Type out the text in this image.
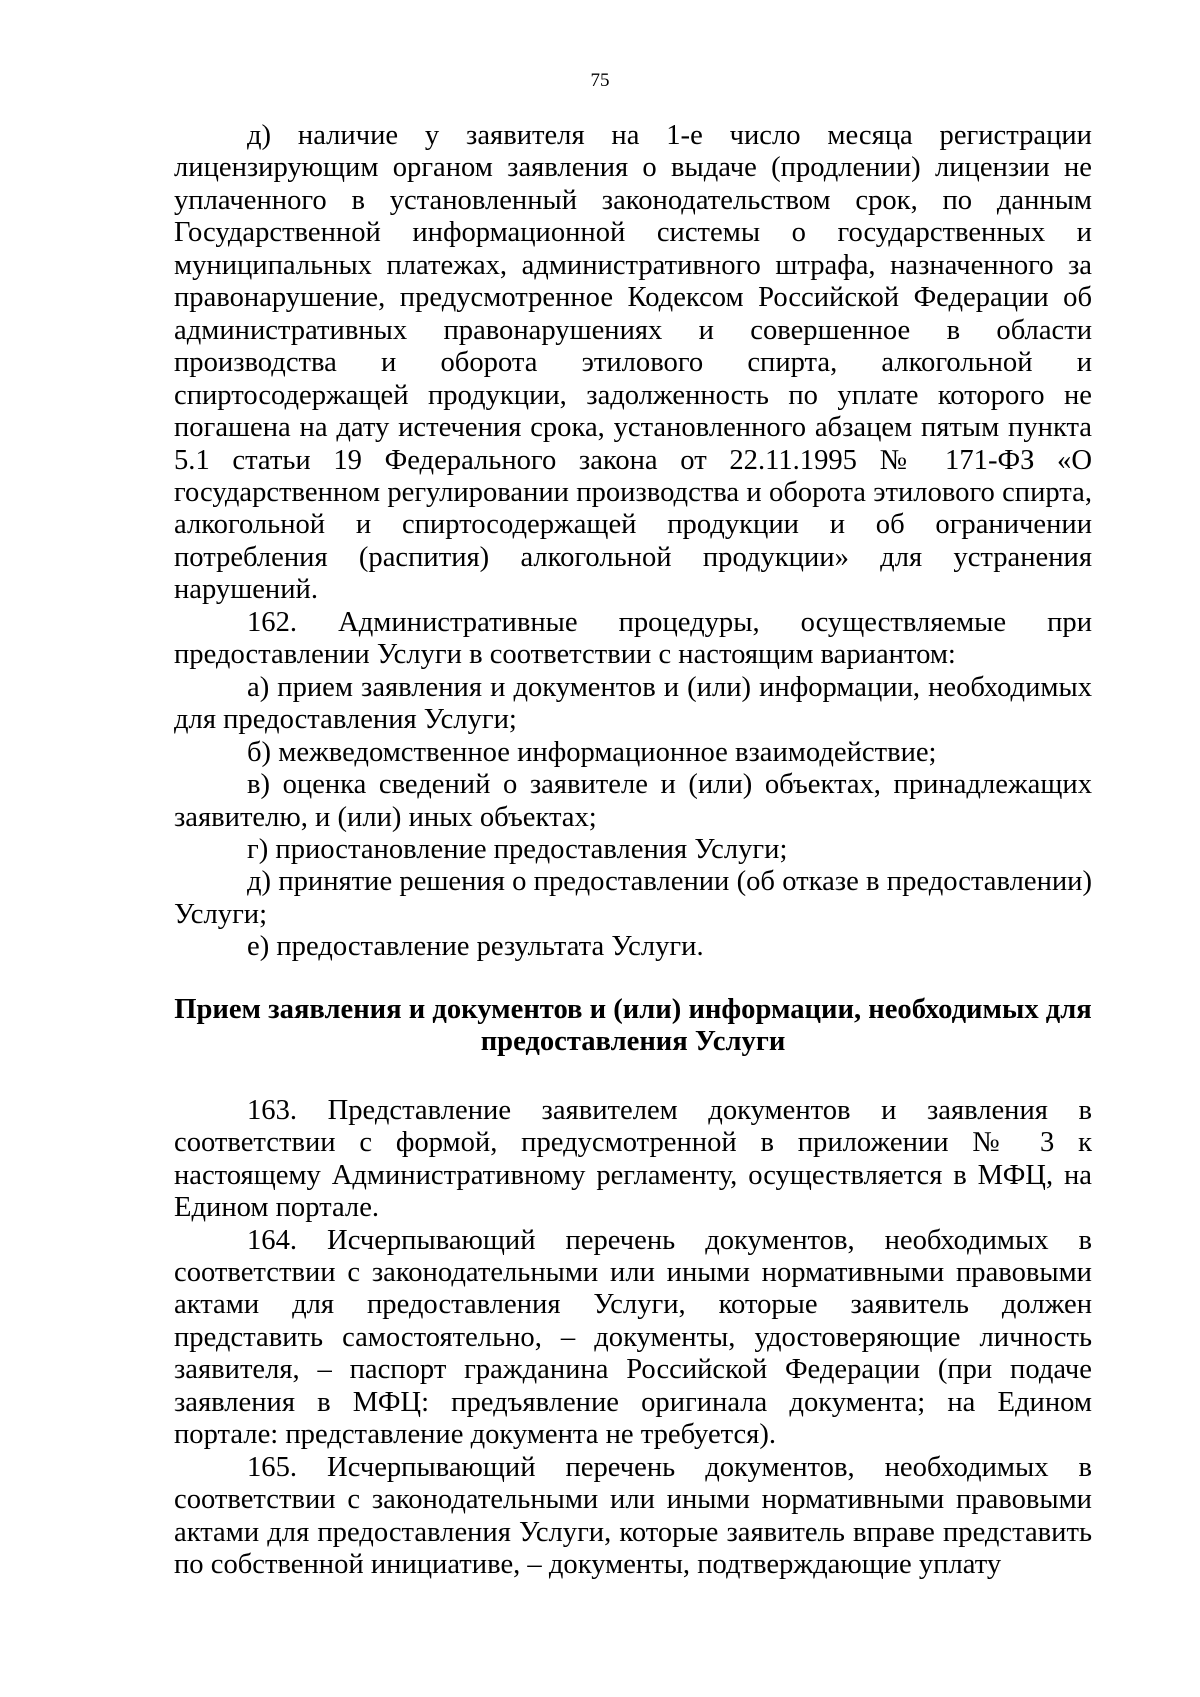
75

д) наличие у заявителя на 1-е число месяца регистрации лицензирующим органом заявления о выдаче (продлении) лицензии не уплаченного в установленный законодательством срок, по данным Государственной информационной системы о государственных и муниципальных платежах, административного штрафа, назначенного за правонарушение, предусмотренное Кодексом Российской Федерации об административных правонарушениях и совершенное в области производства и оборота этилового спирта, алкогольной и спиртосодержащей продукции, задолженность по уплате которого не погашена на дату истечения срока, установленного абзацем пятым пункта 5.1 статьи 19 Федерального закона от 22.11.1995 № 171-ФЗ «О государственном регулировании производства и оборота этилового спирта, алкогольной и спиртосодержащей продукции и об ограничении потребления (распития) алкогольной продукции» для устранения нарушений.

162. Административные процедуры, осуществляемые при предоставлении Услуги в соответствии с настоящим вариантом:

а) прием заявления и документов и (или) информации, необходимых для предоставления Услуги;

б) межведомственное информационное взаимодействие;

в) оценка сведений о заявителе и (или) объектах, принадлежащих заявителю, и (или) иных объектах;

г) приостановление предоставления Услуги;

д) принятие решения о предоставлении (об отказе в предоставлении) Услуги;

е) предоставление результата Услуги.

Прием заявления и документов и (или) информации, необходимых для
предоставления Услуги

163. Представление заявителем документов и заявления в соответствии с формой, предусмотренной в приложении № 3 к настоящему Административному регламенту, осуществляется в МФЦ, на Едином портале.

164. Исчерпывающий перечень документов, необходимых в соответствии с законодательными или иными нормативными правовыми актами для предоставления Услуги, которые заявитель должен представить самостоятельно, – документы, удостоверяющие личность заявителя, – паспорт гражданина Российской Федерации (при подаче заявления в МФЦ: предъявление оригинала документа; на Едином портале: представление документа не требуется).

165. Исчерпывающий перечень документов, необходимых в соответствии с законодательными или иными нормативными правовыми актами для предоставления Услуги, которые заявитель вправе представить по собственной инициативе, – документы, подтверждающие уплату
